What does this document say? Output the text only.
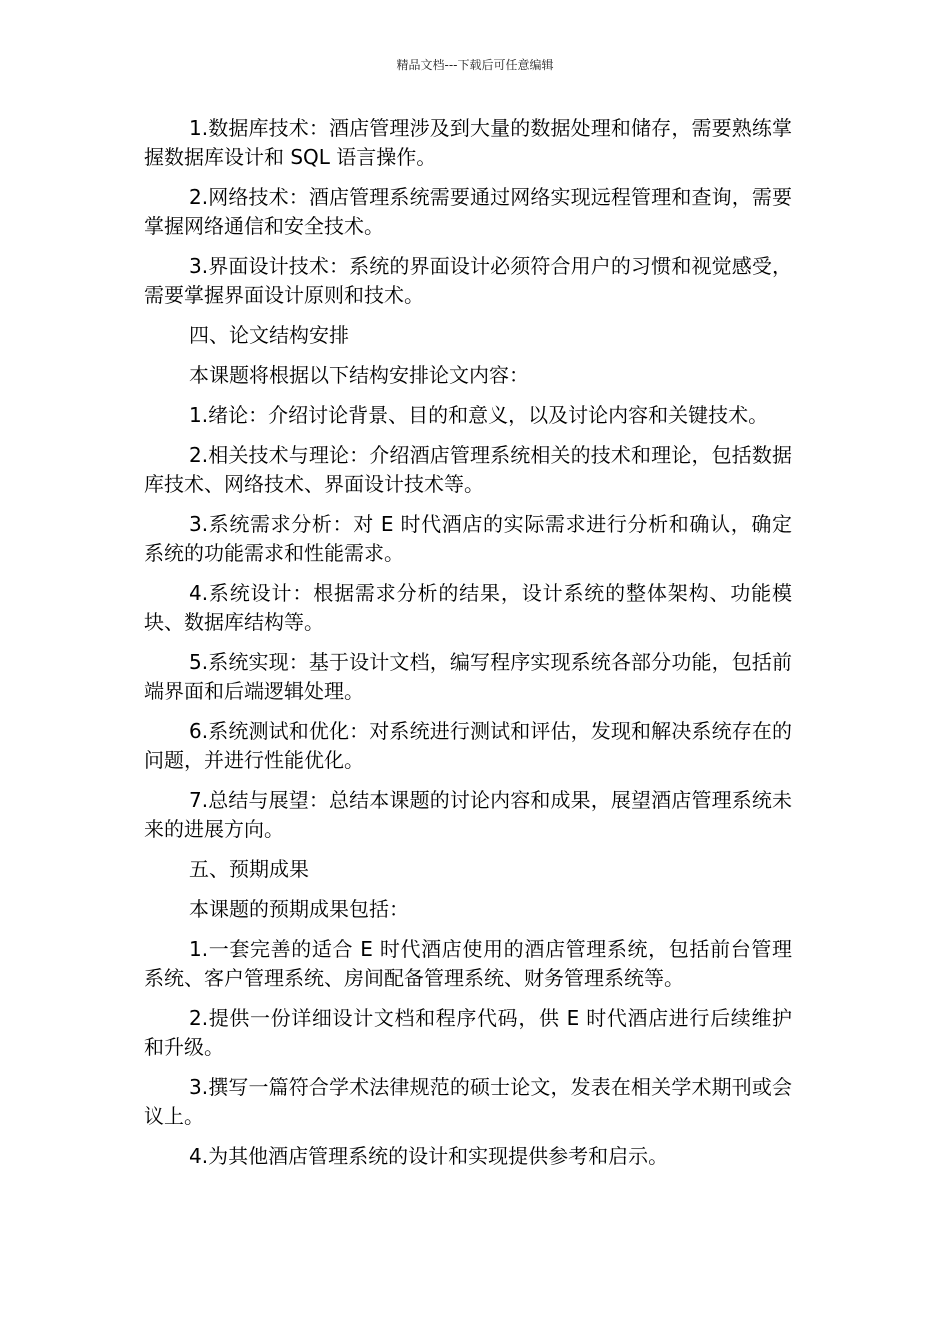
精品文档---下载后可任意编辑

1.数据库技术：酒店管理涉及到大量的数据处理和储存，需要熟练掌握数据库设计和 SQL 语言操作。

2.网络技术：酒店管理系统需要通过网络实现远程管理和查询，需要掌握网络通信和安全技术。

3.界面设计技术：系统的界面设计必须符合用户的习惯和视觉感受，需要掌握界面设计原则和技术。

四、论文结构安排

本课题将根据以下结构安排论文内容：

1.绪论：介绍讨论背景、目的和意义，以及讨论内容和关键技术。

2.相关技术与理论：介绍酒店管理系统相关的技术和理论，包括数据库技术、网络技术、界面设计技术等。

3.系统需求分析：对 E 时代酒店的实际需求进行分析和确认，确定系统的功能需求和性能需求。

4.系统设计：根据需求分析的结果，设计系统的整体架构、功能模块、数据库结构等。

5.系统实现：基于设计文档，编写程序实现系统各部分功能，包括前端界面和后端逻辑处理。

6.系统测试和优化：对系统进行测试和评估，发现和解决系统存在的问题，并进行性能优化。

7.总结与展望：总结本课题的讨论内容和成果，展望酒店管理系统未来的进展方向。

五、预期成果

本课题的预期成果包括：

1.一套完善的适合 E 时代酒店使用的酒店管理系统，包括前台管理系统、客户管理系统、房间配备管理系统、财务管理系统等。

2.提供一份详细设计文档和程序代码，供 E 时代酒店进行后续维护和升级。

3.撰写一篇符合学术法律规范的硕士论文，发表在相关学术期刊或会议上。

4.为其他酒店管理系统的设计和实现提供参考和启示。
